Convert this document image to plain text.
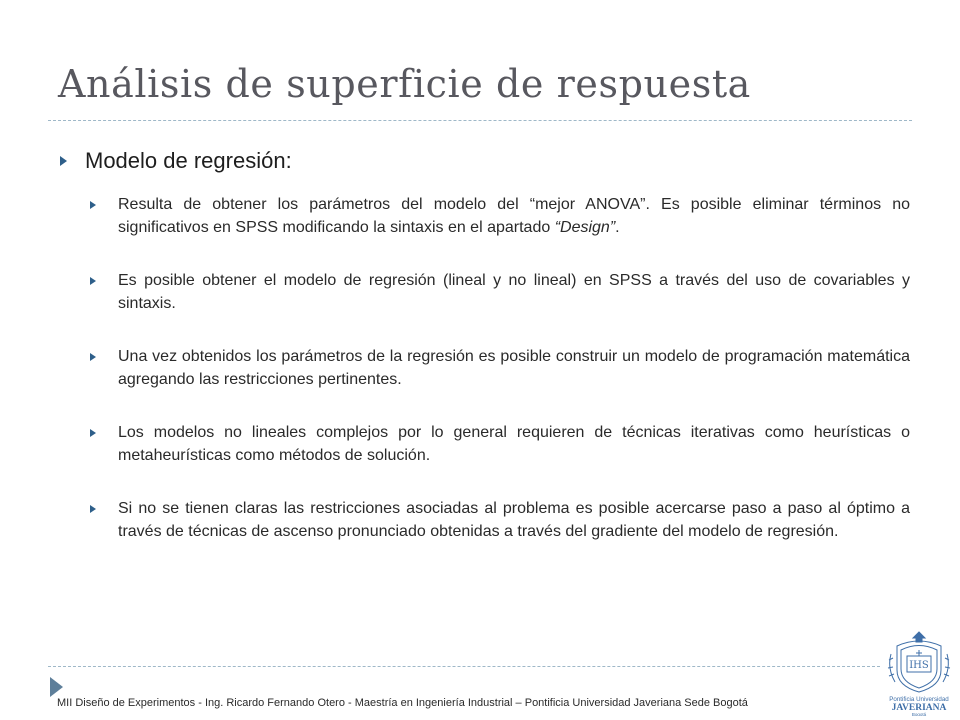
Análisis de superficie de respuesta
Modelo de regresión:
Resulta de obtener los parámetros del modelo del “mejor ANOVA”. Es posible eliminar términos no significativos en SPSS modificando la sintaxis en el apartado “Design”.
Es posible obtener el modelo de regresión (lineal y no lineal) en SPSS a través del uso de covariables y sintaxis.
Una vez obtenidos los parámetros de la regresión es posible construir un modelo de programación matemática agregando las restricciones pertinentes.
Los modelos no lineales complejos por lo general requieren de técnicas iterativas como heurísticas o metaheurísticas como métodos de solución.
Si no se tienen claras las restricciones asociadas al problema es posible acercarse paso a paso al óptimo a través de técnicas de ascenso pronunciado obtenidas a través del gradiente del modelo de regresión.
MII Diseño de Experimentos - Ing. Ricardo Fernando Otero - Maestría en Ingeniería Industrial – Pontificia Universidad Javeriana Sede Bogotá
IHS
Pontificia Universidad
JAVERIANA
Bogotá
